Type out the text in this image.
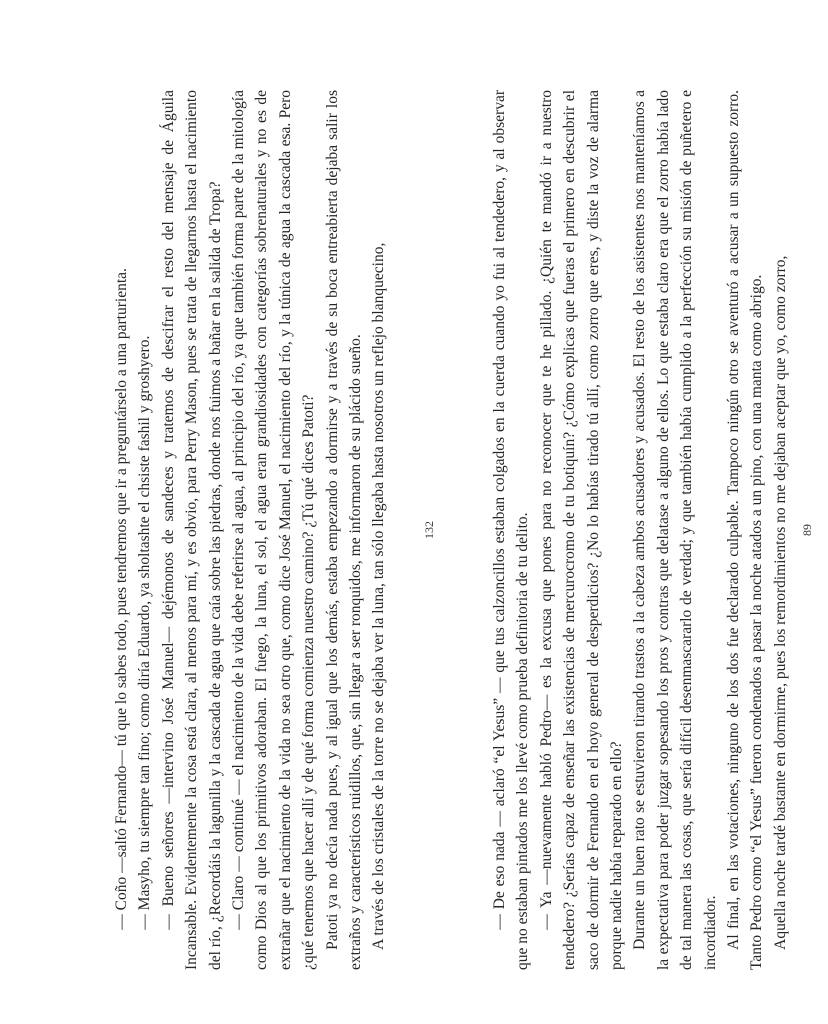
— Coño —saltó Fernando— tú que lo sabes todo, pues tendremos que ir a preguntárselo a una parturienta. — Masyho, tu siempre tan fino; como diría Eduardo, ya sholtashte el chsiste fashil y groshyero. — Bueno señores —intervino José Manuel— dejémonos de sandeces y tratemos de descifrar el resto del mensaje de Águila Incansable. Evidentemente la cosa está clara, al menos para mí, y es obvio, para Perry Mason, pues se trata de llegarnos hasta el nacimiento del río, ¿Recordáis la lagunilla y la cascada de agua que caía sobre las piedras, donde nos fuimos a bañar en la salida de Tropa? — Claro — continué — el nacimiento de la vida debe referirse al agua, al principio del río, ya que también forma parte de la mitología como Dios al que los primitivos adoraban. El fuego, la luna, el sol, el agua eran grandiosidades con categorías sobrenaturales y no es de extrañar que el nacimiento de la vida no sea otro que, como dice José Manuel, el nacimiento del río, y la túnica de agua la cascada esa. Pero ¿qué tenemos que hacer allí y de qué forma comienza nuestro camino? ¿Tú qué dices Patoti? Patoti ya no decía nada pues, y al igual que los demás, estaba empezando a dormirse y a través de su boca entreabierta dejaba salir los extraños y característicos ruidillos, que, sin llegar a ser ronquidos, me informaron de su plácido sueño. A través de los cristales de la torre no se dejaba ver la luna, tan sólo llegaba hasta nosotros un reflejo blanquecino,	132	— De eso nada — aclaró “el Yesus” — que tus calzoncillos estaban colgados en la cuerda cuando yo fui al tendedero, y al observar que no estaban pintados me los llevé como prueba definitoria de tu delito. — Ya —nuevamente habló Pedro— es la excusa que pones para no reconocer que te he pillado. ¿Quién te mandó ir a nuestro tendedero? ¿Serías capaz de enseñar las existencias de mercurocromo de tu botiquín? ¿Cómo explicas que fueras el primero en descubrir el saco de dormir de Fernando en el hoyo general de desperdicios? ¿No lo habías tirado tú allí, como zorro que eres, y diste la voz de alarma porque nadie había reparado en ello? Durante un buen rato se estuvieron tirando trastos a la cabeza ambos acusadores y acusados. El resto de los asistentes nos manteníamos a la expectativa para poder juzgar sopesando los pros y contras que delatase a alguno de ellos. Lo que estaba claro era que el zorro había lado de tal manera las cosas, que sería difícil desenmascararlo de verdad; y que también había cumplido a la perfección su misión de puñetero e incordiador. Al final, en las votaciones, ninguno de los dos fue declarado culpable. Tampoco ningún otro se aventuró a acusar a un supuesto zorro. Tanto Pedro como “el Yesus” fueron condenados a pasar la noche atados a un pino, con una manta como abrigo. Aquella noche tardé bastante en dormirme, pues los remordimientos no me dejaban aceptar que yo, como zorro, 89
